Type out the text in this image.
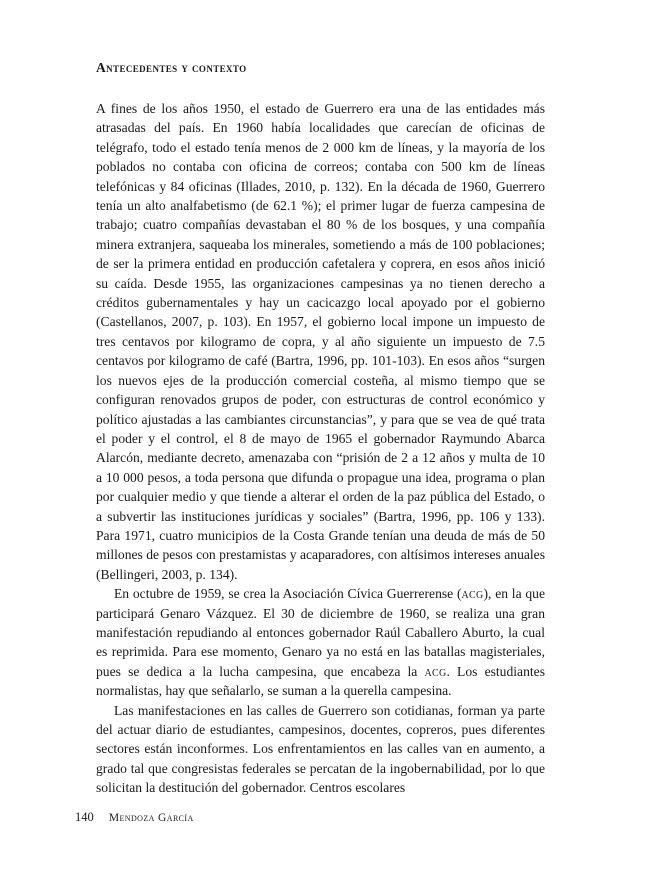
Antecedentes y contexto

A fines de los años 1950, el estado de Guerrero era una de las entidades más atrasadas del país. En 1960 había localidades que carecían de oficinas de telégrafo, todo el estado tenía menos de 2 000 km de líneas, y la mayoría de los poblados no contaba con oficina de correos; contaba con 500 km de líneas telefónicas y 84 oficinas (Illades, 2010, p. 132). En la década de 1960, Guerrero tenía un alto analfabetismo (de 62.1 %); el primer lugar de fuerza campesina de trabajo; cuatro compañías devastaban el 80 % de los bosques, y una compañía minera extranjera, saqueaba los minerales, sometiendo a más de 100 poblaciones; de ser la primera entidad en producción cafetalera y coprera, en esos años inició su caída. Desde 1955, las organizaciones campesinas ya no tienen derecho a créditos gubernamentales y hay un cacicazgo local apoyado por el gobierno (Castellanos, 2007, p. 103). En 1957, el gobierno local impone un impuesto de tres centavos por kilogramo de copra, y al año siguiente un impuesto de 7.5 centavos por kilogramo de café (Bartra, 1996, pp. 101-103). En esos años “surgen los nuevos ejes de la producción comercial costeña, al mismo tiempo que se configuran renovados grupos de poder, con estructuras de control económico y político ajustadas a las cambiantes circunstancias”, y para que se vea de qué trata el poder y el control, el 8 de mayo de 1965 el gobernador Raymundo Abarca Alarcón, mediante decreto, amenazaba con “prisión de 2 a 12 años y multa de 10 a 10 000 pesos, a toda persona que difunda o propague una idea, programa o plan por cualquier medio y que tiende a alterar el orden de la paz pública del Estado, o a subvertir las instituciones jurídicas y sociales” (Bartra, 1996, pp. 106 y 133). Para 1971, cuatro municipios de la Costa Grande tenían una deuda de más de 50 millones de pesos con prestamistas y acaparadores, con altísimos intereses anuales (Bellingeri, 2003, p. 134).

En octubre de 1959, se crea la Asociación Cívica Guerrerense (acg), en la que participará Genaro Vázquez. El 30 de diciembre de 1960, se realiza una gran manifestación repudiando al entonces gobernador Raúl Caballero Aburto, la cual es reprimida. Para ese momento, Genaro ya no está en las batallas magisteriales, pues se dedica a la lucha campesina, que encabeza la acg. Los estudiantes normalistas, hay que señalarlo, se suman a la querella campesina.

Las manifestaciones en las calles de Guerrero son cotidianas, forman ya parte del actuar diario de estudiantes, campesinos, docentes, copreros, pues diferentes sectores están inconformes. Los enfrentamientos en las calles van en aumento, a grado tal que congresistas federales se percatan de la ingobernabilidad, por lo que solicitan la destitución del gobernador. Centros escolares

140 Mendoza García
